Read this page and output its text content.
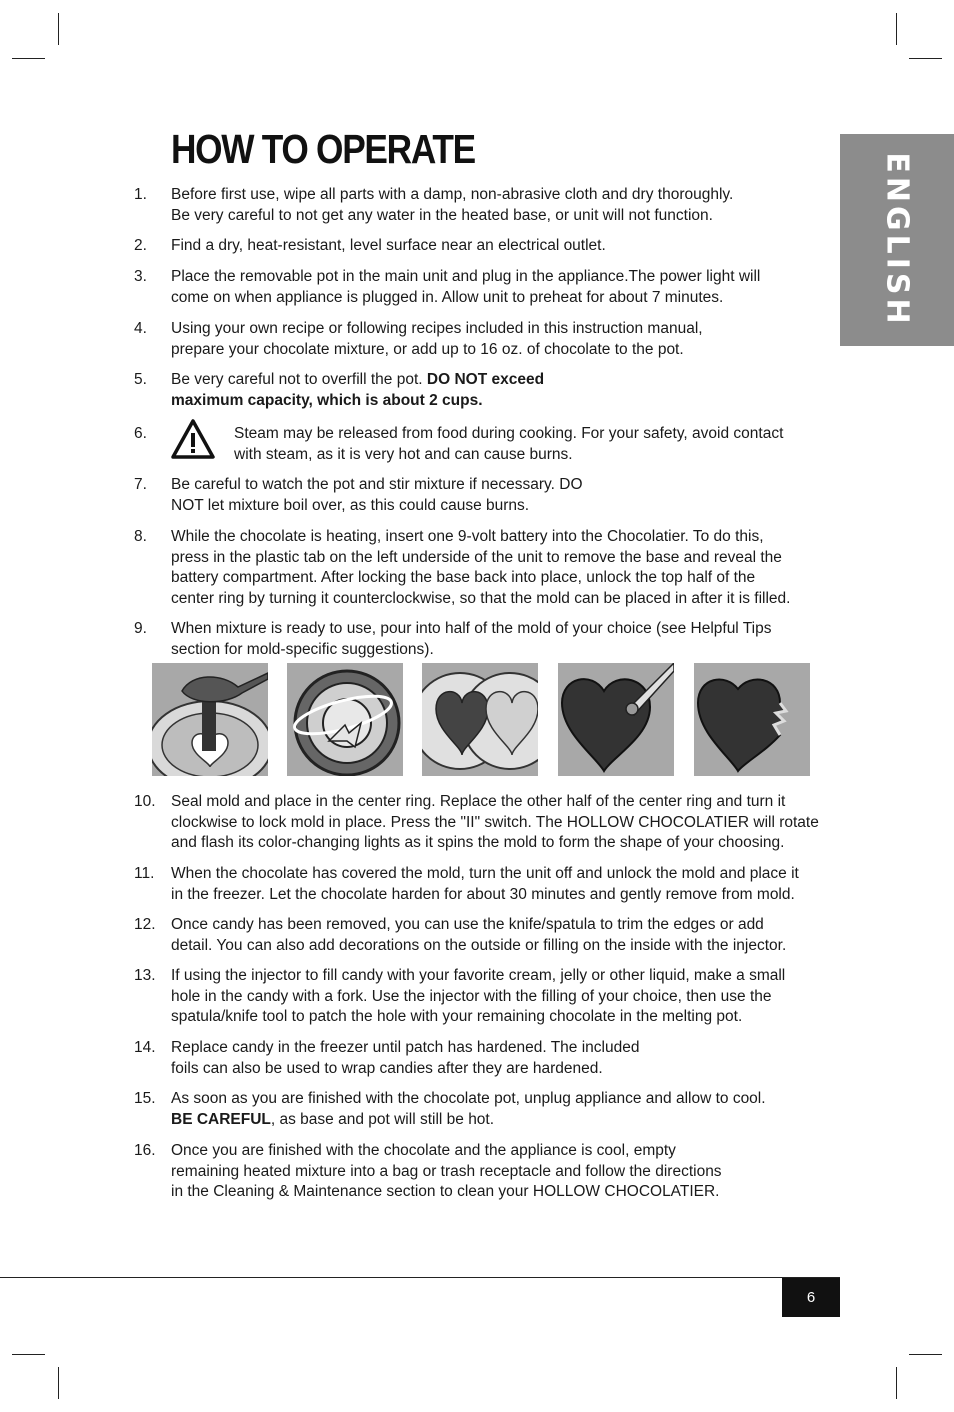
HOW TO OPERATE
ENGLISH
1. Before first use, wipe all parts with a damp, non-abrasive cloth and dry thoroughly.
Be very careful to not get any water in the heated base, or unit will not function.
2. Find a dry, heat-resistant, level surface near an electrical outlet.
3. Place the removable pot in the main unit and plug in the appliance.The power light will
come on when appliance is plugged in. Allow unit to preheat for about 7 minutes.
4. Using your own recipe or following recipes included in this instruction manual,
prepare your chocolate mixture, or add up to 16 oz. of chocolate to the pot.
5. Be very careful not to overfill the pot. DO NOT exceed
maximum capacity, which is about 2 cups.
6.	Steam may be released from food during cooking. For your safety, avoid contact
with steam, as it is very hot and can cause burns.
7. Be careful to watch the pot and stir mixture if necessary. DO
NOT let mixture boil over, as this could cause burns.
8. While the chocolate is heating, insert one 9-volt battery into the Chocolatier. To do this,
press in the plastic tab on the left underside of the unit to remove the base and reveal the
battery compartment. After locking the base back into place, unlock the top half of the
center ring by turning it counterclockwise, so that the mold can be placed in after it is filled.
9. When mixture is ready to use, pour into half of the mold of your choice (see Helpful Tips
section for mold-specific suggestions).
10. Seal mold and place in the center ring. Replace the other half of the center ring and turn it
clockwise to lock mold in place. Press the "II" switch. The HOLLOW CHOCOLATIER will rotate
and flash its color-changing lights as it spins the mold to form the shape of your choosing.
11. When the chocolate has covered the mold, turn the unit off and unlock the mold and place it
in the freezer. Let the chocolate harden for about 30 minutes and gently remove from mold.
12. Once candy has been removed, you can use the knife/spatula to trim the edges or add
detail. You can also add decorations on the outside or filling on the inside with the injector.
13. If using the injector to fill candy with your favorite cream, jelly or other liquid, make a small
hole in the candy with a fork. Use the injector with the filling of your choice, then use the
spatula/knife tool to patch the hole with your remaining chocolate in the melting pot.
14. Replace candy in the freezer until patch has hardened. The included
foils can also be used to wrap candies after they are hardened.
15. As soon as you are finished with the chocolate pot, unplug appliance and allow to cool.
BE CAREFUL, as base and pot will still be hot.
16. Once you are finished with the chocolate and the appliance is cool, empty
remaining heated mixture into a bag or trash receptacle and follow the directions
in the Cleaning & Maintenance section to clean your HOLLOW CHOCOLATIER.
6
